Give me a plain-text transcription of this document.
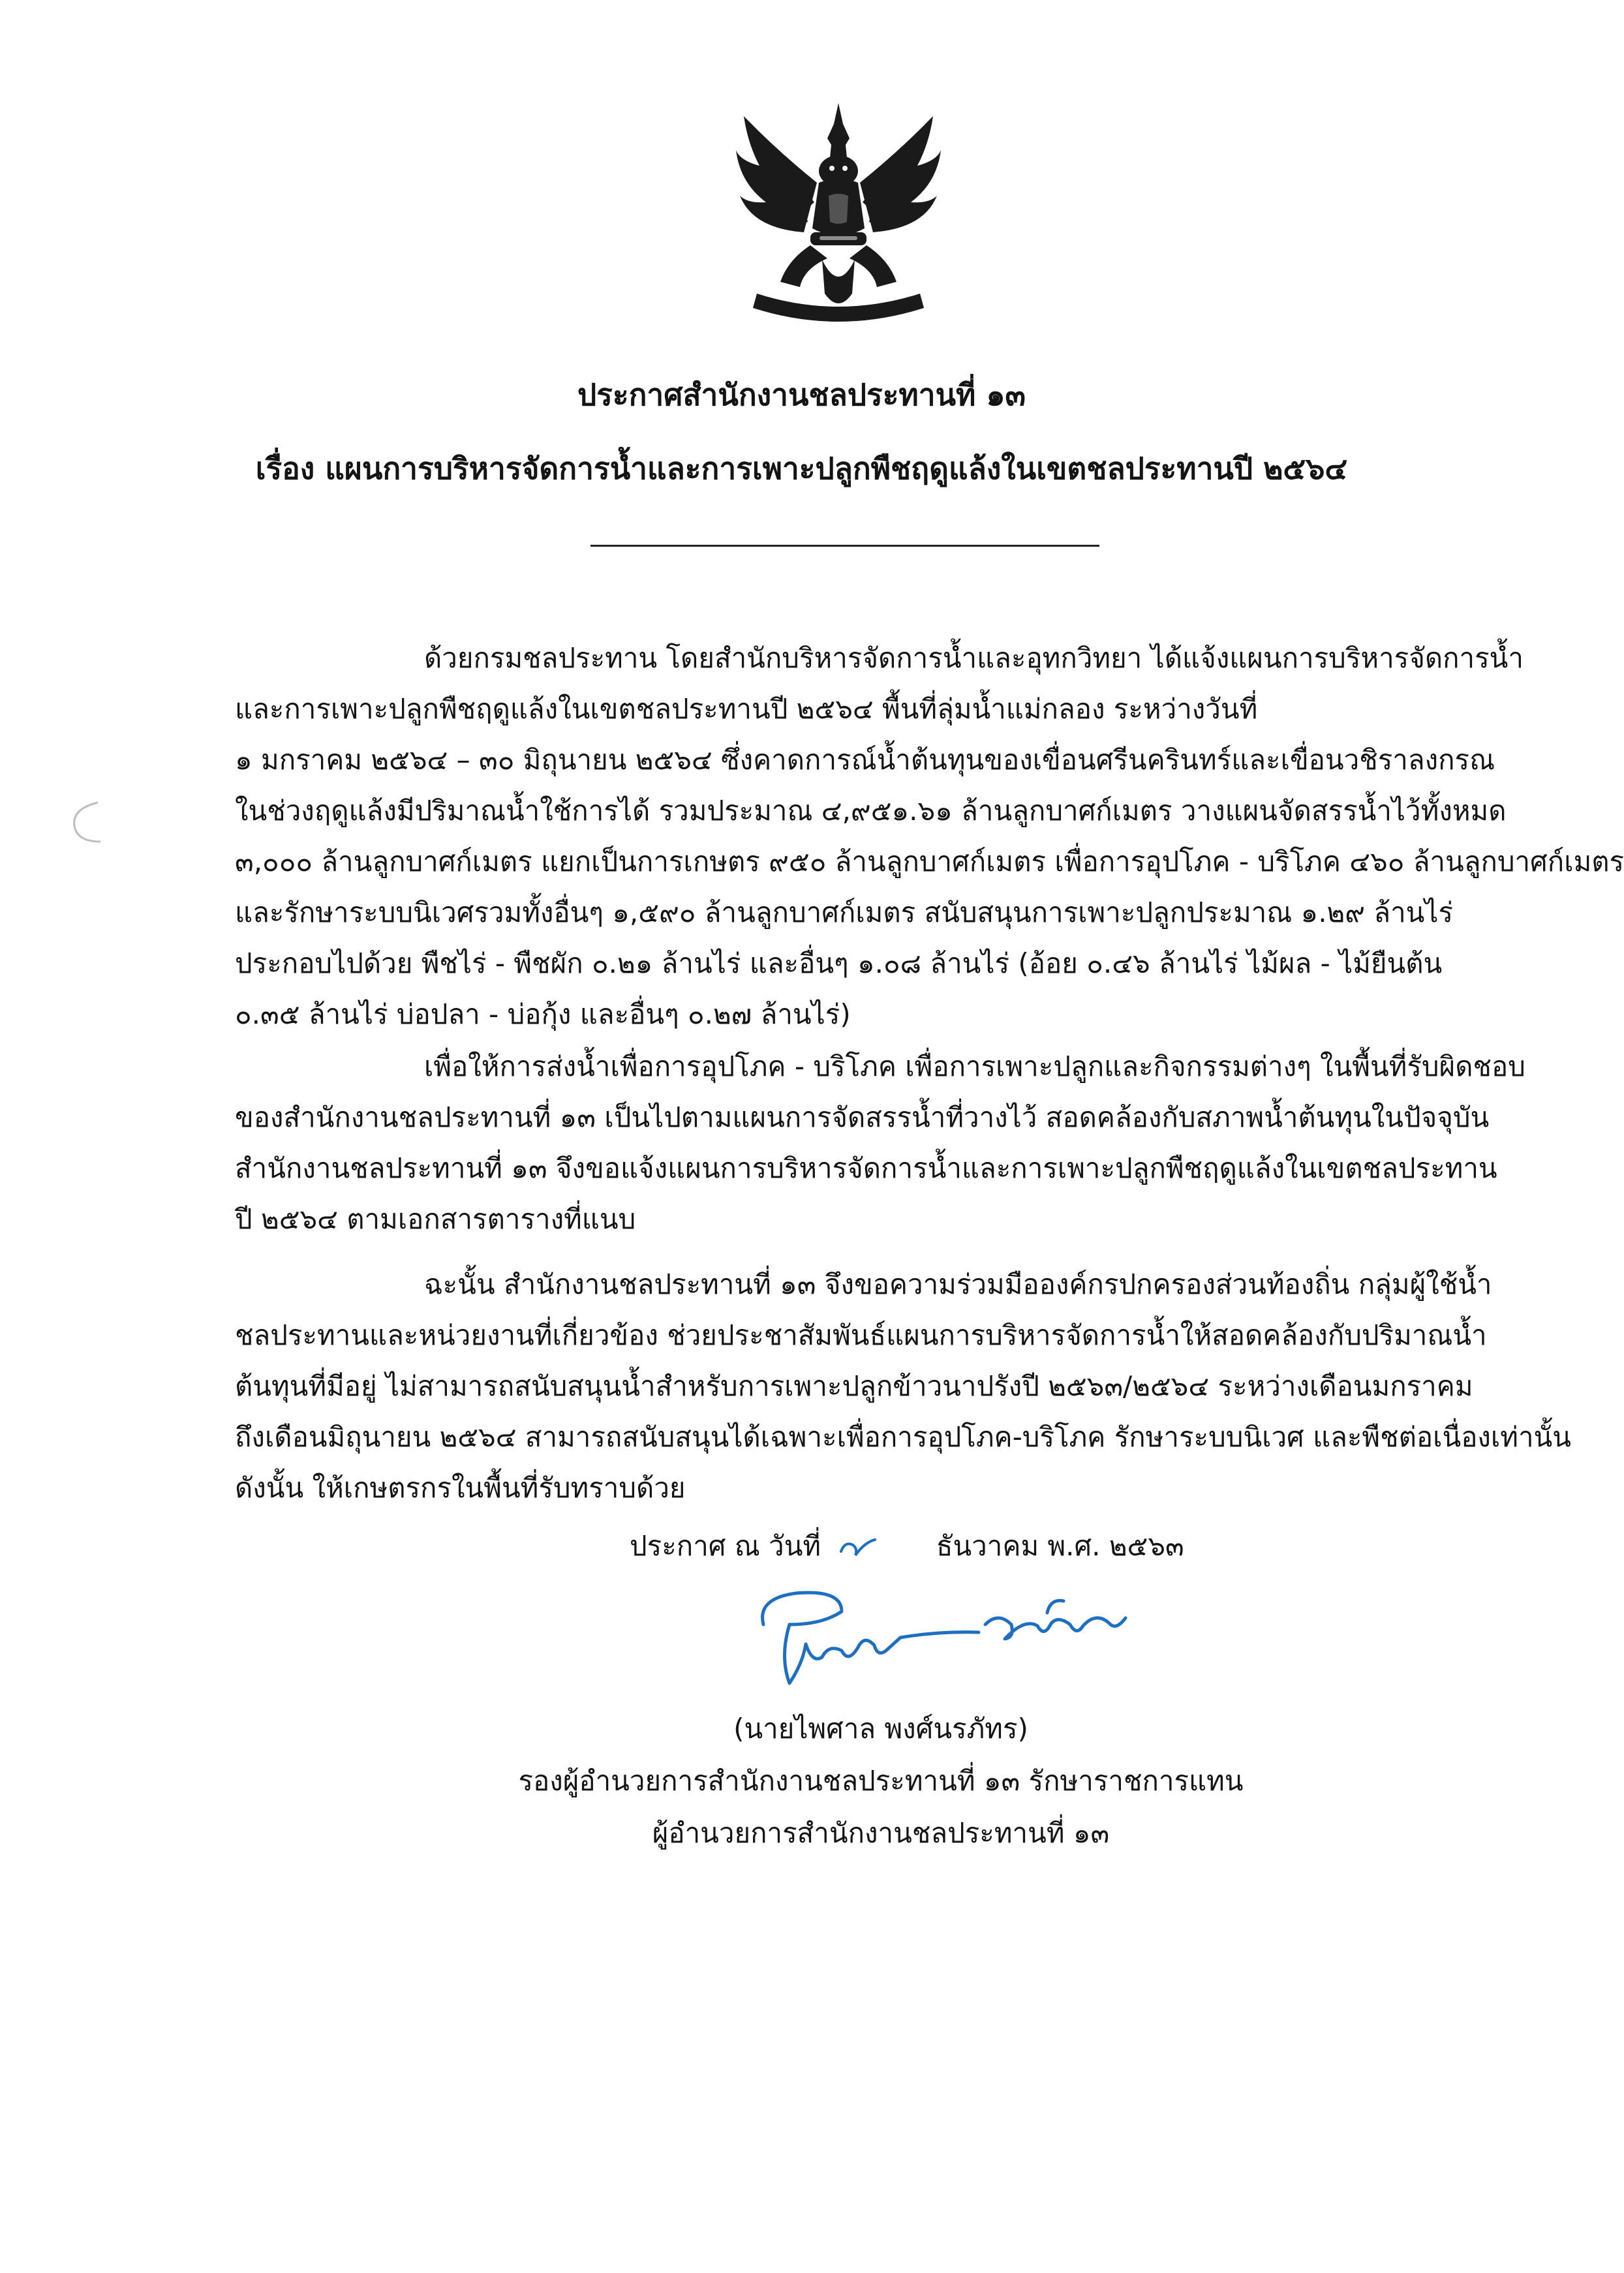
ประกาศสำนักงานชลประทานที่ ๑๓
เรื่อง แผนการบริหารจัดการน้ำและการเพาะปลูกพืชฤดูแล้งในเขตชลประทานปี ๒๕๖๔
ด้วยกรมชลประทาน โดยสำนักบริหารจัดการน้ำและอุทกวิทยา ได้แจ้งแผนการบริหารจัดการน้ำ
และการเพาะปลูกพืชฤดูแล้งในเขตชลประทานปี ๒๕๖๔ พื้นที่ลุ่มน้ำแม่กลอง ระหว่างวันที่
๑ มกราคม ๒๕๖๔ – ๓๐ มิถุนายน ๒๕๖๔ ซึ่งคาดการณ์น้ำต้นทุนของเขื่อนศรีนครินทร์และเขื่อนวชิราลงกรณ
ในช่วงฤดูแล้งมีปริมาณน้ำใช้การได้ รวมประมาณ ๔,๙๕๑.๖๑ ล้านลูกบาศก์เมตร วางแผนจัดสรรน้ำไว้ทั้งหมด
๓,๐๐๐ ล้านลูกบาศก์เมตร แยกเป็นการเกษตร ๙๕๐ ล้านลูกบาศก์เมตร เพื่อการอุปโภค - บริโภค ๔๖๐ ล้านลูกบาศก์เมตร
และรักษาระบบนิเวศรวมทั้งอื่นๆ ๑,๕๙๐ ล้านลูกบาศก์เมตร สนับสนุนการเพาะปลูกประมาณ ๑.๒๙ ล้านไร่
ประกอบไปด้วย พืชไร่ - พืชผัก ๐.๒๑ ล้านไร่ และอื่นๆ ๑.๐๘ ล้านไร่ (อ้อย ๐.๔๖ ล้านไร่ ไม้ผล - ไม้ยืนต้น
๐.๓๕ ล้านไร่ บ่อปลา - บ่อกุ้ง และอื่นๆ ๐.๒๗ ล้านไร่)
เพื่อให้การส่งน้ำเพื่อการอุปโภค - บริโภค เพื่อการเพาะปลูกและกิจกรรมต่างๆ ในพื้นที่รับผิดชอบ
ของสำนักงานชลประทานที่ ๑๓ เป็นไปตามแผนการจัดสรรน้ำที่วางไว้ สอดคล้องกับสภาพน้ำต้นทุนในปัจจุบัน
สำนักงานชลประทานที่ ๑๓ จึงขอแจ้งแผนการบริหารจัดการน้ำและการเพาะปลูกพืชฤดูแล้งในเขตชลประทาน
ปี ๒๕๖๔ ตามเอกสารตารางที่แนบ
ฉะนั้น สำนักงานชลประทานที่ ๑๓ จึงขอความร่วมมือองค์กรปกครองส่วนท้องถิ่น กลุ่มผู้ใช้น้ำ
ชลประทานและหน่วยงานที่เกี่ยวข้อง ช่วยประชาสัมพันธ์แผนการบริหารจัดการน้ำให้สอดคล้องกับปริมาณน้ำ
ต้นทุนที่มีอยู่ ไม่สามารถสนับสนุนน้ำสำหรับการเพาะปลูกข้าวนาปรังปี ๒๕๖๓/๒๕๖๔ ระหว่างเดือนมกราคม
ถึงเดือนมิถุนายน ๒๕๖๔ สามารถสนับสนุนได้เฉพาะเพื่อการอุปโภค-บริโภค รักษาระบบนิเวศ และพืชต่อเนื่องเท่านั้น
ดังนั้น ให้เกษตรกรในพื้นที่รับทราบด้วย
ประกาศ ณ วันที่	ธันวาคม พ.ศ. ๒๕๖๓
(นายไพศาล พงศ์นรภัทร)
รองผู้อำนวยการสำนักงานชลประทานที่ ๑๓ รักษาราชการแทน
ผู้อำนวยการสำนักงานชลประทานที่ ๑๓
